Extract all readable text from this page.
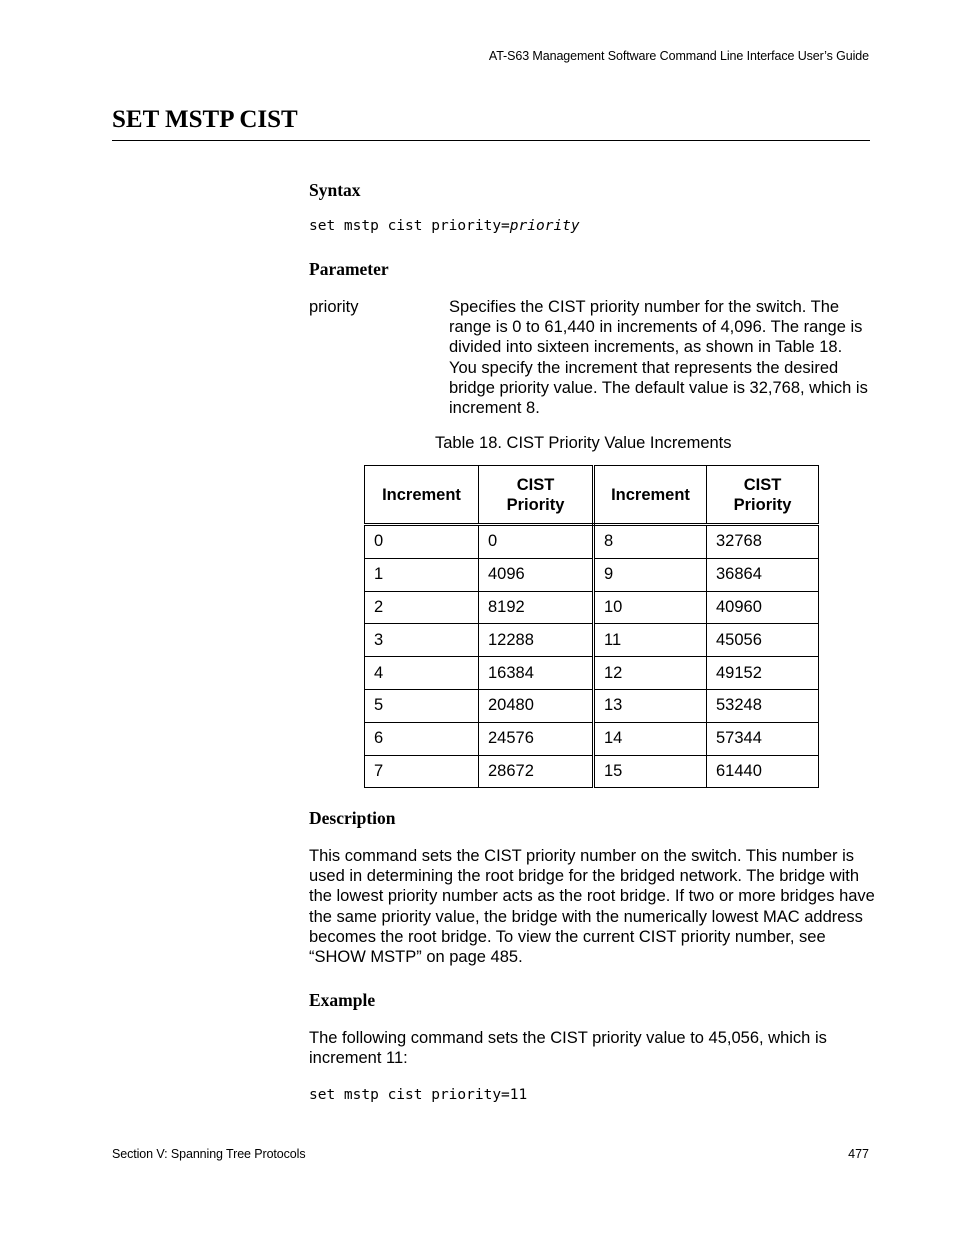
AT-S63 Management Software Command Line Interface User’s Guide
SET MSTP CIST
Syntax
set mstp cist priority=priority
Parameter
priority	Specifies the CIST priority number for the switch. The range is 0 to 61,440 in increments of 4,096. The range is divided into sixteen increments, as shown in Table 18. You specify the increment that represents the desired bridge priority value. The default value is 32,768, which is increment 8.
Table 18. CIST Priority Value Increments
Increment	CIST Priority	Increment	CIST Priority
0	0	8	32768
1	4096	9	36864
2	8192	10	40960
3	12288	11	45056
4	16384	12	49152
5	20480	13	53248
6	24576	14	57344
7	28672	15	61440
Description
This command sets the CIST priority number on the switch. This number is used in determining the root bridge for the bridged network. The bridge with the lowest priority number acts as the root bridge. If two or more bridges have the same priority value, the bridge with the numerically lowest MAC address becomes the root bridge. To view the current CIST priority number, see “SHOW MSTP” on page 485.
Example
The following command sets the CIST priority value to 45,056, which is increment 11:
set mstp cist priority=11
Section V: Spanning Tree Protocols	477
